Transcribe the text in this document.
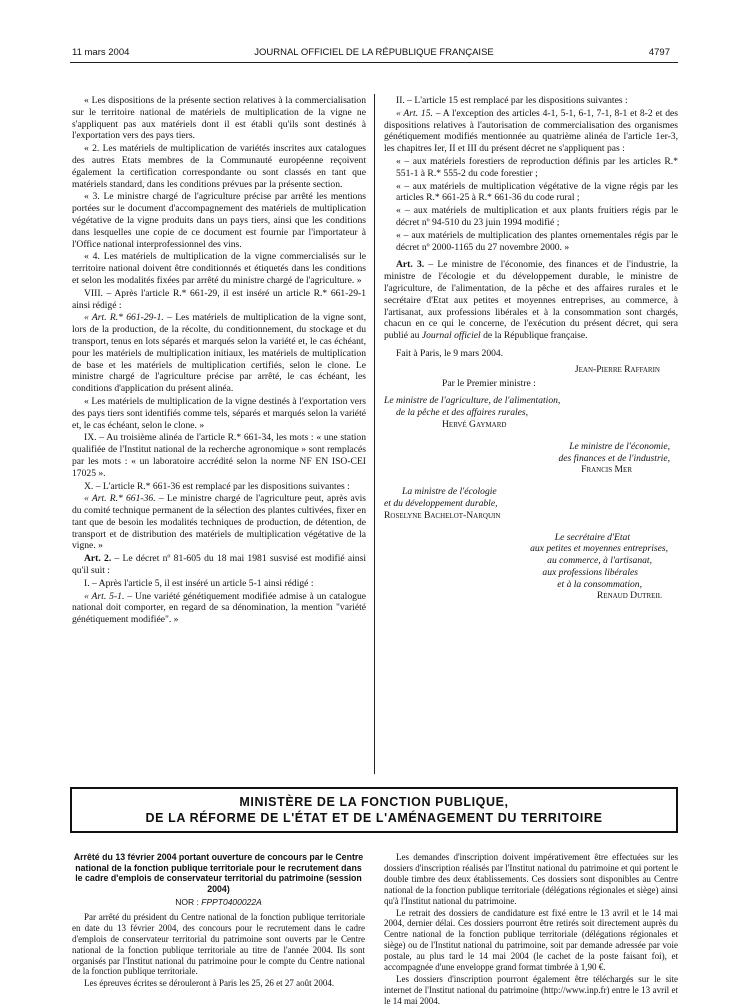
11 mars 2004	JOURNAL OFFICIEL DE LA RÉPUBLIQUE FRANÇAISE	4797

« Les dispositions de la présente section relatives à la commercialisation sur le territoire national de matériels de multiplication de la vigne ne s'appliquent pas aux matériels dont il est établi qu'ils sont destinés à l'exportation vers des pays tiers.

« 2. Les matériels de multiplication de variétés inscrites aux catalogues des autres Etats membres de la Communauté européenne reçoivent également la certification correspondante ou sont classés en tant que matériels standard, dans les conditions prévues par la présente section.

« 3. Le ministre chargé de l'agriculture précise par arrêté les mentions portées sur le document d'accompagnement des matériels de multiplication végétative de la vigne produits dans un pays tiers, ainsi que les conditions dans lesquelles une copie de ce document est fournie par l'importateur à l'Office national interprofessionnel des vins.

« 4. Les matériels de multiplication de la vigne commercialisés sur le territoire national doivent être conditionnés et étiquetés dans les conditions et selon les modalités fixées par arrêté du ministre chargé de l'agriculture. »

VIII. – Après l'article R.* 661-29, il est inséré un article R.* 661-29-1 ainsi rédigé :

« Art. R.* 661-29-1. – Les matériels de multiplication de la vigne sont, lors de la production, de la récolte, du conditionnement, du stockage et du transport, tenus en lots séparés et marqués selon la variété et, le cas échéant, pour les matériels de multiplication initiaux, les matériels de multiplication de base et les matériels de multiplication certifiés, selon le clone. Le ministre chargé de l'agriculture précise par arrêté, le cas échéant, les conditions d'application du présent alinéa.

« Les matériels de multiplication de la vigne destinés à l'exportation vers des pays tiers sont identifiés comme tels, séparés et marqués selon la variété et, le cas échéant, selon le clone. »

IX. – Au troisième alinéa de l'article R.* 661-34, les mots : « une station qualifiée de l'Institut national de la recherche agronomique » sont remplacés par les mots : « un laboratoire accrédité selon la norme NF EN ISO-CEI 17025 ».

X. – L'article R.* 661-36 est remplacé par les dispositions suivantes :

« Art. R.* 661-36. – Le ministre chargé de l'agriculture peut, après avis du comité technique permanent de la sélection des plantes cultivées, fixer en tant que de besoin les modalités techniques de production, de détention, de transport et de distribution des matériels de multiplication végétative de la vigne. »

Art. 2. – Le décret nº 81-605 du 18 mai 1981 susvisé est modifié ainsi qu'il suit :

I. – Après l'article 5, il est inséré un article 5-1 ainsi rédigé :

« Art. 5-1. – Une variété génétiquement modifiée admise à un catalogue national doit comporter, en regard de sa dénomination, la mention "variété génétiquement modifiée". »

II. – L'article 15 est remplacé par les dispositions suivantes :

« Art. 15. – A l'exception des articles 4-1, 5-1, 6-1, 7-1, 8-1 et 8-2 et des dispositions relatives à l'autorisation de commercialisation des organismes génétiquement modifiés mentionnée au quatrième alinéa de l'article 1er-3, les chapitres Ier, II et III du présent décret ne s'appliquent pas :

« – aux matériels forestiers de reproduction définis par les articles R.* 551-1 à R.* 555-2 du code forestier ;

« – aux matériels de multiplication végétative de la vigne régis par les articles R.* 661-25 à R.* 661-36 du code rural ;

« – aux matériels de multiplication et aux plants fruitiers régis par le décret nº 94-510 du 23 juin 1994 modifié ;

« – aux matériels de multiplication des plantes ornementales régis par le décret nº 2000-1165 du 27 novembre 2000. »

Art. 3. – Le ministre de l'économie, des finances et de l'industrie, la ministre de l'écologie et du développement durable, le ministre de l'agriculture, de l'alimentation, de la pêche et des affaires rurales et le secrétaire d'Etat aux petites et moyennes entreprises, au commerce, à l'artisanat, aux professions libérales et à la consommation sont chargés, chacun en ce qui le concerne, de l'exécution du présent décret, qui sera publié au Journal officiel de la République française.

Fait à Paris, le 9 mars 2004.

Jean-Pierre Raffarin
Par le Premier ministre :
Le ministre de l'agriculture, de l'alimentation,
de la pêche et des affaires rurales,
Hervé Gaymard
Le ministre de l'économie,
des finances et de l'industrie,
Francis Mer
La ministre de l'écologie
et du développement durable,
Roselyne Bachelot-Narquin
Le secrétaire d'Etat
aux petites et moyennes entreprises,
au commerce, à l'artisanat,
aux professions libérales
et à la consommation,
Renaud Dutreil
MINISTÈRE DE LA FONCTION PUBLIQUE,
DE LA RÉFORME DE L'ÉTAT ET DE L'AMÉNAGEMENT DU TERRITOIRE
Arrêté du 13 février 2004 portant ouverture de concours par le Centre national de la fonction publique territoriale pour le recrutement dans le cadre d'emplois de conservateur territorial du patrimoine (session 2004)
NOR : FPPT0400022A

Par arrêté du président du Centre national de la fonction publique territoriale en date du 13 février 2004, des concours pour le recrutement dans le cadre d'emplois de conservateur territorial du patrimoine sont ouverts par le Centre national de la fonction publique territoriale au titre de l'année 2004. Ils sont organisés par l'Institut national du patrimoine pour le compte du Centre national de la fonction publique territoriale.

Les épreuves écrites se dérouleront à Paris les 25, 26 et 27 août 2004.

Les demandes d'inscription doivent impérativement être effectuées sur les dossiers d'inscription réalisés par l'Institut national du patrimoine et qui portent le double timbre des deux établissements. Ces dossiers sont disponibles au Centre national de la fonction publique territoriale (délégations régionales et siège) ainsi qu'à l'Institut national du patrimoine.

Le retrait des dossiers de candidature est fixé entre le 13 avril et le 14 mai 2004, dernier délai. Ces dossiers pourront être retirés soit directement auprès du Centre national de la fonction publique territoriale (délégations régionales et siège) ou de l'Institut national du patrimoine, soit par demande adressée par voie postale, au plus tard le 14 mai 2004 (le cachet de la poste faisant foi), et accompagnée d'une enveloppe grand format timbrée à 1,90 €.

Les dossiers d'inscription pourront également être téléchargés sur le site internet de l'Institut national du patrimoine (http://www.inp.fr) entre le 13 avril et le 14 mai 2004.
